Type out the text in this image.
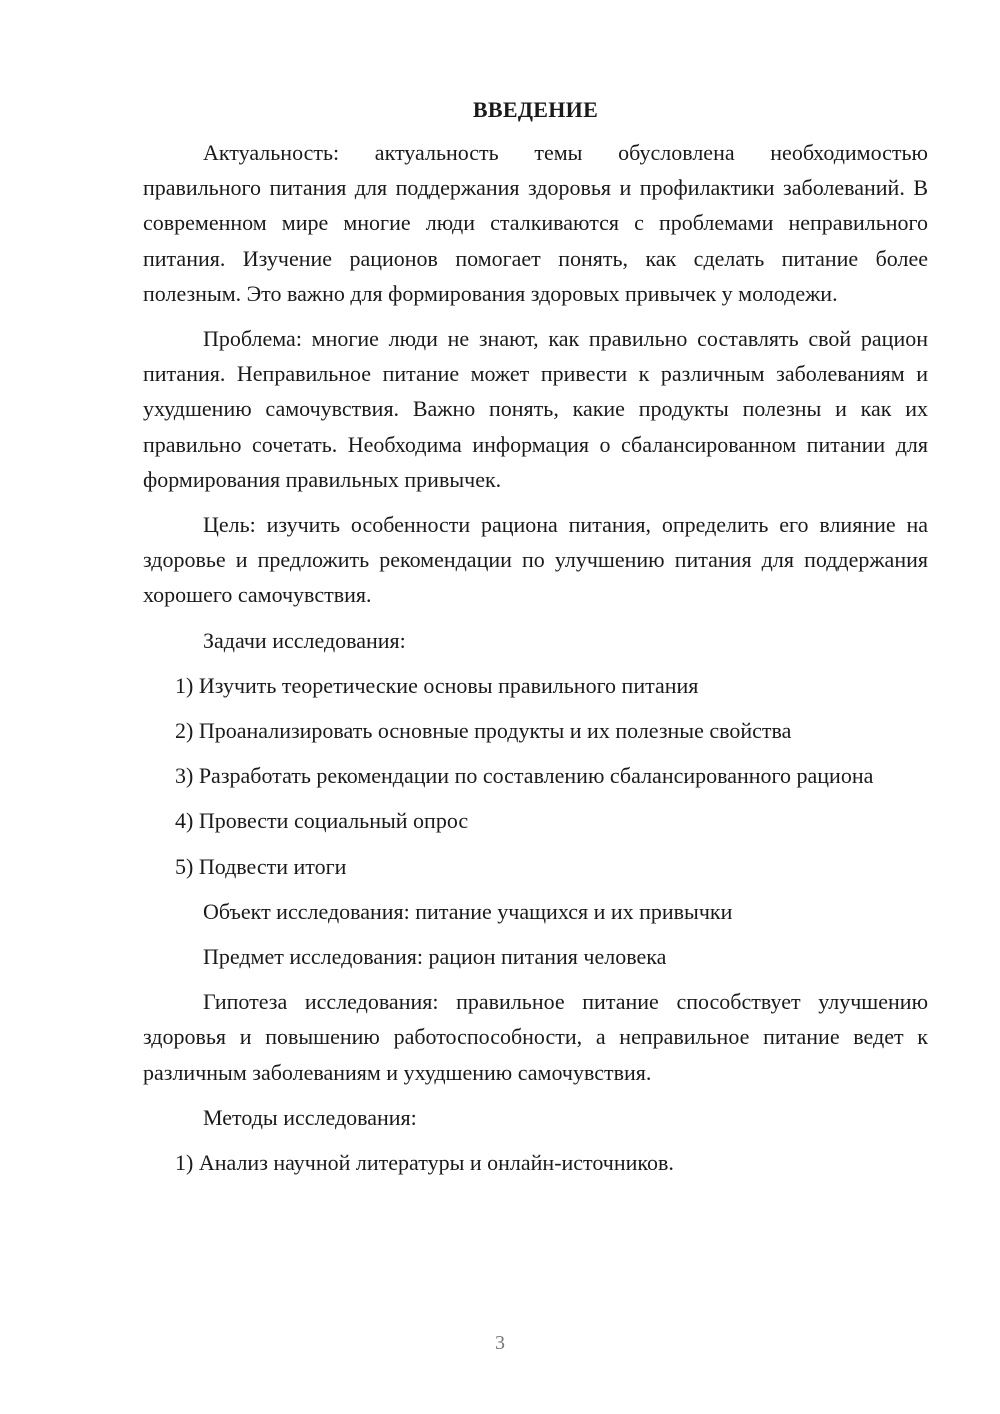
ВВЕДЕНИЕ

Актуальность: актуальность темы обусловлена необходимостью правильного питания для поддержания здоровья и профилактики заболеваний. В современном мире многие люди сталкиваются с проблемами неправильного питания. Изучение рационов помогает понять, как сделать питание более полезным. Это важно для формирования здоровых привычек у молодежи.

Проблема: многие люди не знают, как правильно составлять свой рацион питания. Неправильное питание может привести к различным заболеваниям и ухудшению самочувствия. Важно понять, какие продукты полезны и как их правильно сочетать. Необходима информация о сбалансированном питании для формирования правильных привычек.

Цель: изучить особенности рациона питания, определить его влияние на здоровье и предложить рекомендации по улучшению питания для поддержания хорошего самочувствия.

Задачи исследования:

1) Изучить теоретические основы правильного питания

2) Проанализировать основные продукты и их полезные свойства

3) Разработать рекомендации по составлению сбалансированного рациона

4) Провести социальный опрос

5) Подвести итоги

Объект исследования: питание учащихся и их привычки

Предмет исследования: рацион питания человека

Гипотеза исследования: правильное питание способствует улучшению здоровья и повышению работоспособности, а неправильное питание ведет к различным заболеваниям и ухудшению самочувствия.

Методы исследования:

1) Анализ научной литературы и онлайн-источников.

3
